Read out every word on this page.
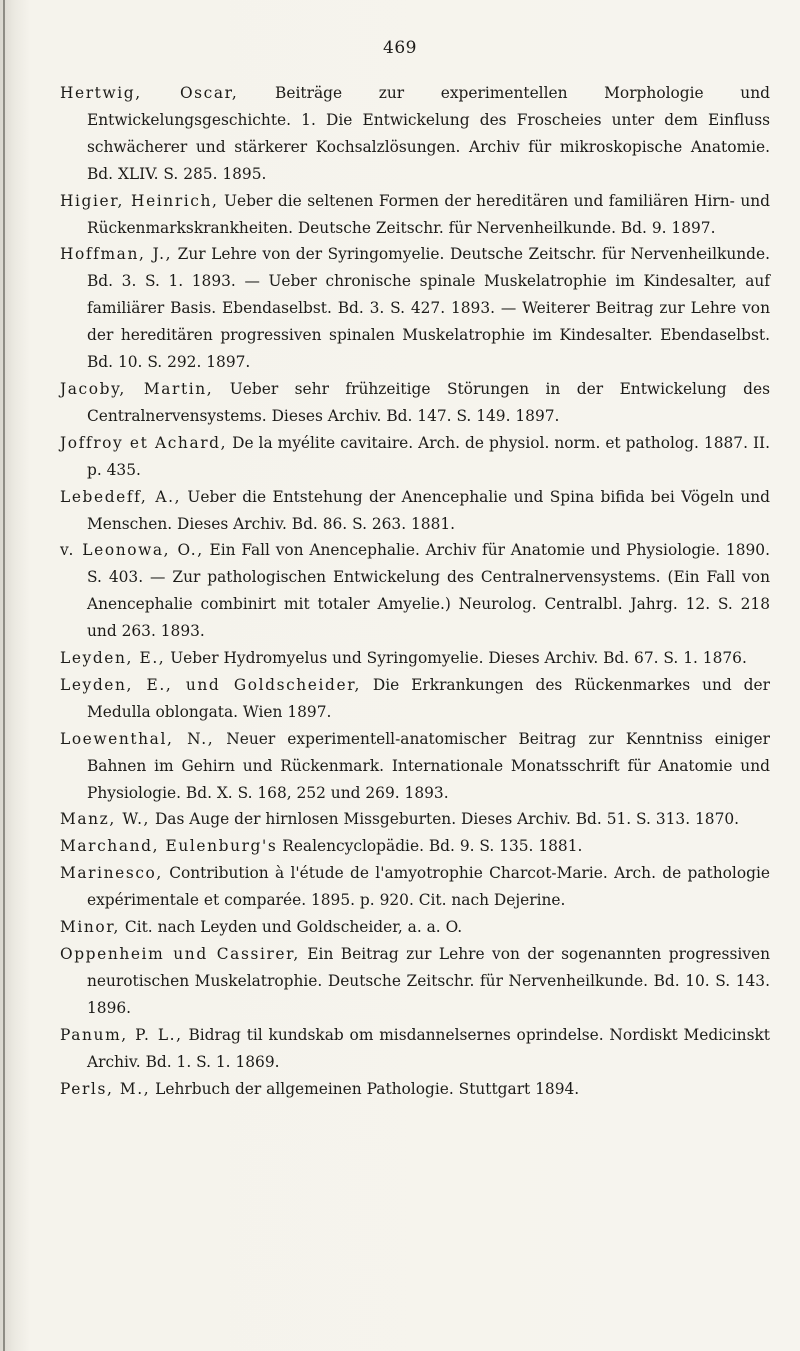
469

Hertwig, Oscar, Beiträge zur experimentellen Morphologie und Entwickelungsgeschichte. 1. Die Entwickelung des Froscheies unter dem Einfluss schwächerer und stärkerer Kochsalzlösungen. Archiv für mikroskopische Anatomie. Bd. XLIV. S. 285. 1895.

Higier, Heinrich, Ueber die seltenen Formen der hereditären und familiären Hirn- und Rückenmarkskrankheiten. Deutsche Zeitschr. für Nervenheilkunde. Bd. 9. 1897.

Hoffman, J., Zur Lehre von der Syringomyelie. Deutsche Zeitschr. für Nervenheilkunde. Bd. 3. S. 1. 1893. — Ueber chronische spinale Muskelatrophie im Kindesalter, auf familiärer Basis. Ebendaselbst. Bd. 3. S. 427. 1893. — Weiterer Beitrag zur Lehre von der hereditären progressiven spinalen Muskelatrophie im Kindesalter. Ebendaselbst. Bd. 10. S. 292. 1897.

Jacoby, Martin, Ueber sehr frühzeitige Störungen in der Entwickelung des Centralnervensystems. Dieses Archiv. Bd. 147. S. 149. 1897.

Joffroy et Achard, De la myélite cavitaire. Arch. de physiol. norm. et patholog. 1887. II. p. 435.

Lebedeff, A., Ueber die Entstehung der Anencephalie und Spina bifida bei Vögeln und Menschen. Dieses Archiv. Bd. 86. S. 263. 1881.

v. Leonowa, O., Ein Fall von Anencephalie. Archiv für Anatomie und Physiologie. 1890. S. 403. — Zur pathologischen Entwickelung des Centralnervensystems. (Ein Fall von Anencephalie combinirt mit totaler Amyelie.) Neurolog. Centralbl. Jahrg. 12. S. 218 und 263. 1893.

Leyden, E., Ueber Hydromyelus und Syringomyelie. Dieses Archiv. Bd. 67. S. 1. 1876.

Leyden, E., und Goldscheider, Die Erkrankungen des Rückenmarkes und der Medulla oblongata. Wien 1897.

Loewenthal, N., Neuer experimentell-anatomischer Beitrag zur Kenntniss einiger Bahnen im Gehirn und Rückenmark. Internationale Monatsschrift für Anatomie und Physiologie. Bd. X. S. 168, 252 und 269. 1893.

Manz, W., Das Auge der hirnlosen Missgeburten. Dieses Archiv. Bd. 51. S. 313. 1870.

Marchand, Eulenburg's Realencyclopädie. Bd. 9. S. 135. 1881.

Marinesco, Contribution à l'étude de l'amyotrophie Charcot-Marie. Arch. de pathologie expérimentale et comparée. 1895. p. 920. Cit. nach Dejerine.

Minor, Cit. nach Leyden und Goldscheider, a. a. O.

Oppenheim und Cassirer, Ein Beitrag zur Lehre von der sogenannten progressiven neurotischen Muskelatrophie. Deutsche Zeitschr. für Nervenheilkunde. Bd. 10. S. 143. 1896.

Panum, P. L., Bidrag til kundskab om misdannelsernes oprindelse. Nordiskt Medicinskt Archiv. Bd. 1. S. 1. 1869.

Perls, M., Lehrbuch der allgemeinen Pathologie. Stuttgart 1894.
